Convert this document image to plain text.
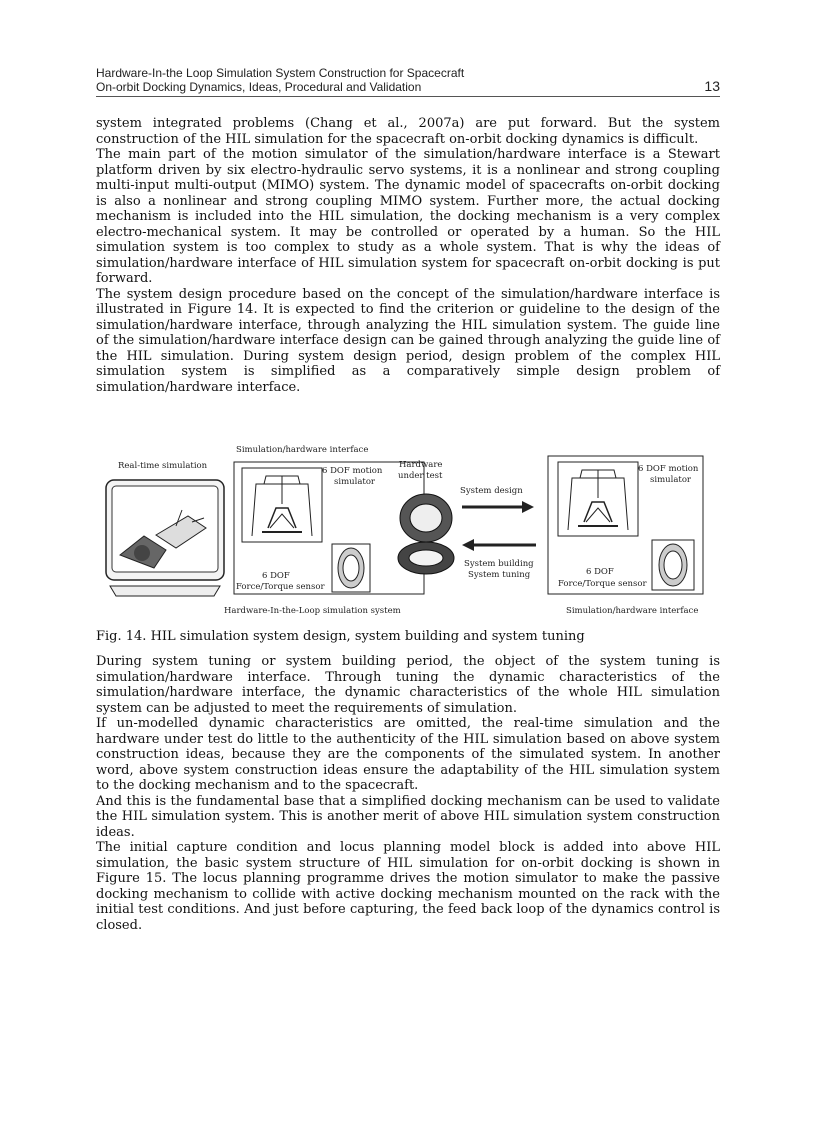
Hardware-In-the Loop Simulation System Construction for Spacecraft
On-orbit Docking Dynamics, Ideas, Procedural and Validation	13

system integrated problems (Chang et al., 2007a) are put forward. But the system construction of the HIL simulation for the spacecraft on-orbit docking dynamics is difficult.

The main part of the motion simulator of the simulation/hardware interface is a Stewart platform driven by six electro-hydraulic servo systems, it is a nonlinear and strong coupling multi-input multi-output (MIMO) system. The dynamic model of spacecrafts on-orbit docking is also a nonlinear and strong coupling MIMO system. Further more, the actual docking mechanism is included into the HIL simulation, the docking mechanism is a very complex electro-mechanical system. It may be controlled or operated by a human. So the HIL simulation system is too complex to study as a whole system. That is why the ideas of simulation/hardware interface of HIL simulation system for spacecraft on-orbit docking is put forward.

The system design procedure based on the concept of the simulation/hardware interface is illustrated in Figure 14. It is expected to find the criterion or guideline to the design of the simulation/hardware interface, through analyzing the HIL simulation system. The guide line of the simulation/hardware interface design can be gained through analyzing the guide line of the HIL simulation. During system design period, design problem of the complex HIL simulation system is simplified as a comparatively simple design problem of simulation/hardware interface.

Simulation/hardware interface
Real-time simulation	6 DOF motion
simulator
6 DOF
Force/Torque sensor
Hardware
under test
System design
System building
System tuning
6 DOF motion
simulator
6 DOF
Force/Torque sensor
Hardware-In-the-Loop simulation system	Simulation/hardware interface
Fig. 14. HIL simulation system design, system building and system tuning

During system tuning or system building period, the object of the system tuning is simulation/hardware interface. Through tuning the dynamic characteristics of the simulation/hardware interface, the dynamic characteristics of the whole HIL simulation system can be adjusted to meet the requirements of simulation.

If un-modelled dynamic characteristics are omitted, the real-time simulation and the hardware under test do little to the authenticity of the HIL simulation based on above system construction ideas, because they are the components of the simulated system. In another word, above system construction ideas ensure the adaptability of the HIL simulation system to the docking mechanism and to the spacecraft.

And this is the fundamental base that a simplified docking mechanism can be used to validate the HIL simulation system. This is another merit of above HIL simulation system construction ideas.

The initial capture condition and locus planning model block is added into above HIL simulation, the basic system structure of HIL simulation for on-orbit docking is shown in Figure 15. The locus planning programme drives the motion simulator to make the passive docking mechanism to collide with active docking mechanism mounted on the rack with the initial test conditions. And just before capturing, the feed back loop of the dynamics control is closed.
